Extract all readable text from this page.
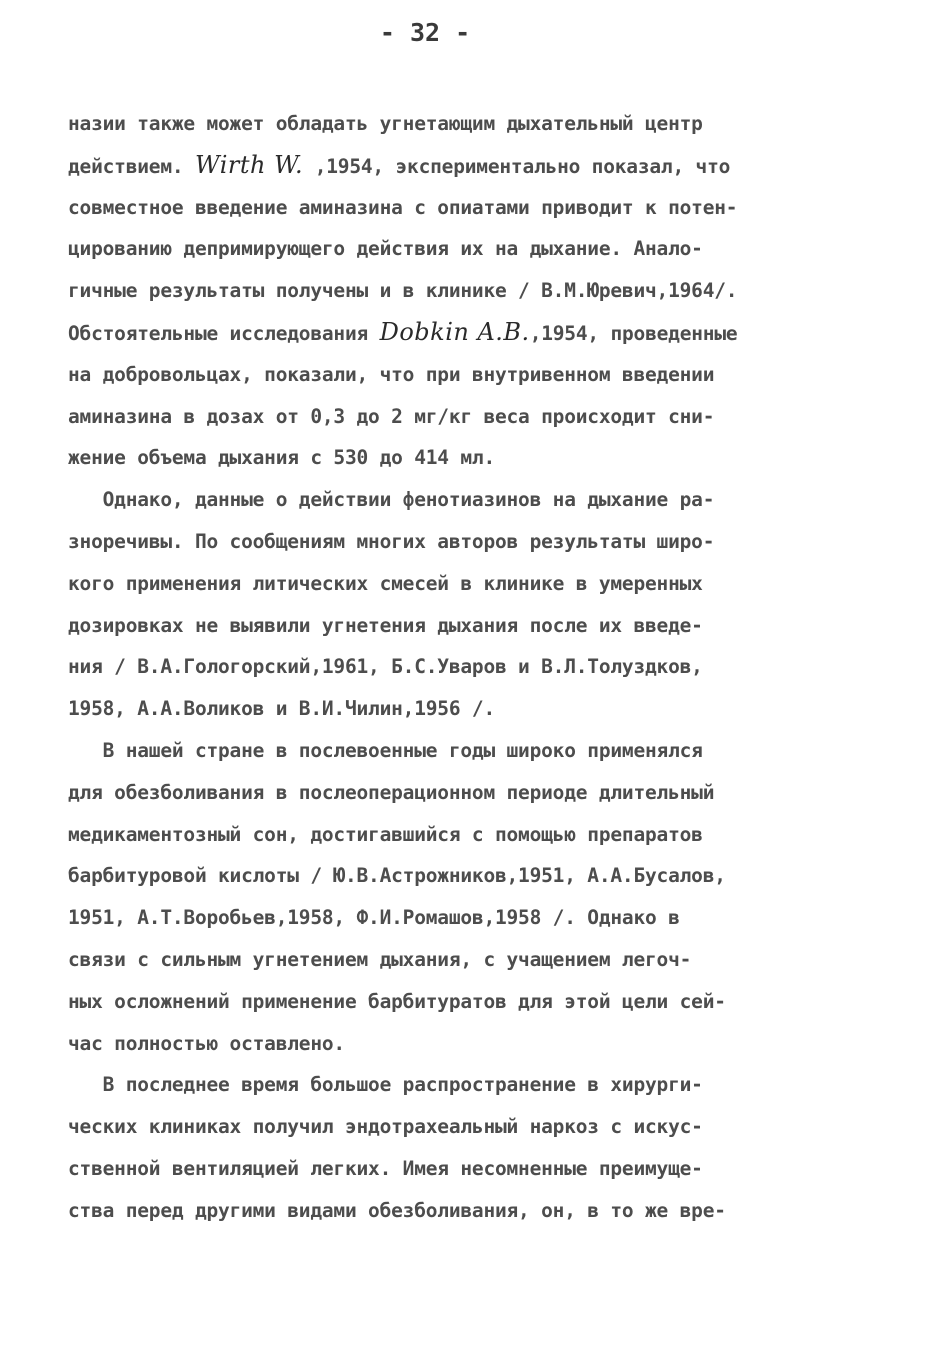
- 32 -
назии также может обладать угнетающим дыхательный центр
действием. Wirth W. ,1954, экспериментально показал, что
совместное введение аминазина с опиатами приводит к потен-
цированию депримирующего действия их на дыхание. Анало-
гичные результаты получены и в клинике / В.М.Юревич,1964/.
Обстоятельные исследования Dobkin A.B.,1954, проведенные
на добровольцах, показали, что при внутривенном введении
аминазина в дозах от 0,3 до 2 мг/кг веса происходит сни-
жение объема дыхания с 530 до 414 мл.
Однако, данные о действии фенотиазинов на дыхание ра-
зноречивы. По сообщениям многих авторов результаты широ-
кого применения литических смесей в клинике в умеренных
дозировках не выявили угнетения дыхания после их введе-
ния / В.А.Гологорский,1961, Б.С.Уваров и В.Л.Толуздков,
1958, А.А.Воликов и В.И.Чилин,1956 /.
В нашей стране в послевоенные годы широко применялся
для обезболивания в послеоперационном периоде длительный
медикаментозный сон, достигавшийся с помощью препаратов
барбитуровой кислоты / Ю.В.Астрожников,1951, А.А.Бусалов,
1951, А.Т.Воробьев,1958, Ф.И.Ромашов,1958 /. Однако в
связи с сильным угнетением дыхания, с учащением легоч-
ных осложнений применение барбитуратов для этой цели сей-
час полностью оставлено.
В последнее время большое распространение в хирурги-
ческих клиниках получил эндотрахеальный наркоз с искус-
ственной вентиляцией легких. Имея несомненные преимуще-
ства перед другими видами обезболивания, он, в то же вре-
